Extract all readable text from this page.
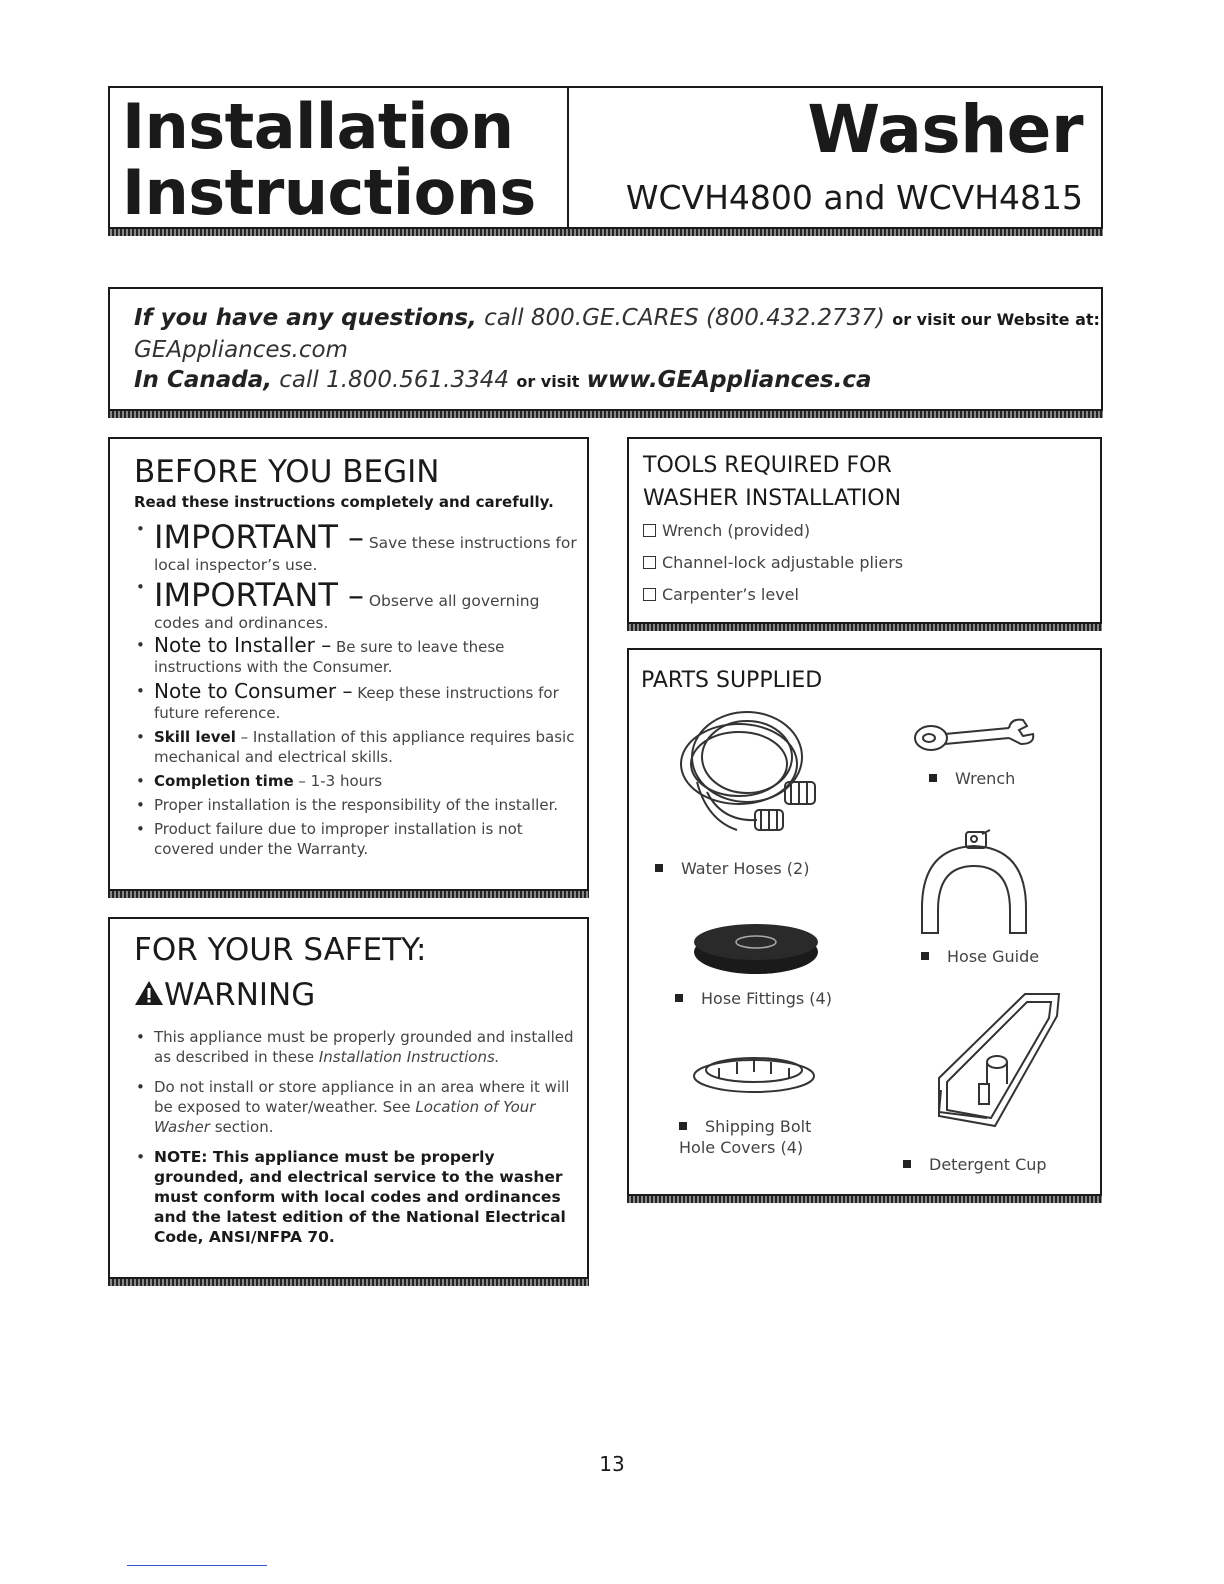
Installation
Instructions
Washer
WCVH4800 and WCVH4815
If you have any questions, call 800.GE.CARES (800.432.2737) or visit our Website at:
GEAppliances.com
In Canada, call 1.800.561.3344 or visit www.GEAppliances.ca
BEFORE YOU BEGIN
Read these instructions completely and carefully.
• IMPORTANT – Save these instructions for local inspector’s use.
• IMPORTANT – Observe all governing codes and ordinances.
• Note to Installer – Be sure to leave these instructions with the Consumer.
• Note to Consumer – Keep these instructions for future reference.
• Skill level – Installation of this appliance requires basic mechanical and electrical skills.
• Completion time – 1-3 hours
• Proper installation is the responsibility of the installer.
• Product failure due to improper installation is not covered under the Warranty.
TOOLS REQUIRED FOR
WASHER INSTALLATION
Wrench (provided)
Channel-lock adjustable pliers
Carpenter’s level
PARTS SUPPLIED
Water Hoses (2)
Wrench
Hose Guide
Hose Fittings (4)
Shipping Bolt
Hole Covers (4)
Detergent Cup
FOR YOUR SAFETY:
WARNING
• This appliance must be properly grounded and installed as described in these Installation Instructions.
• Do not install or store appliance in an area where it will be exposed to water/weather. See Location of Your Washer section.
• NOTE: This appliance must be properly grounded, and electrical service to the washer must conform with local codes and ordinances and the latest edition of the National Electrical Code, ANSI/NFPA 70.
13
